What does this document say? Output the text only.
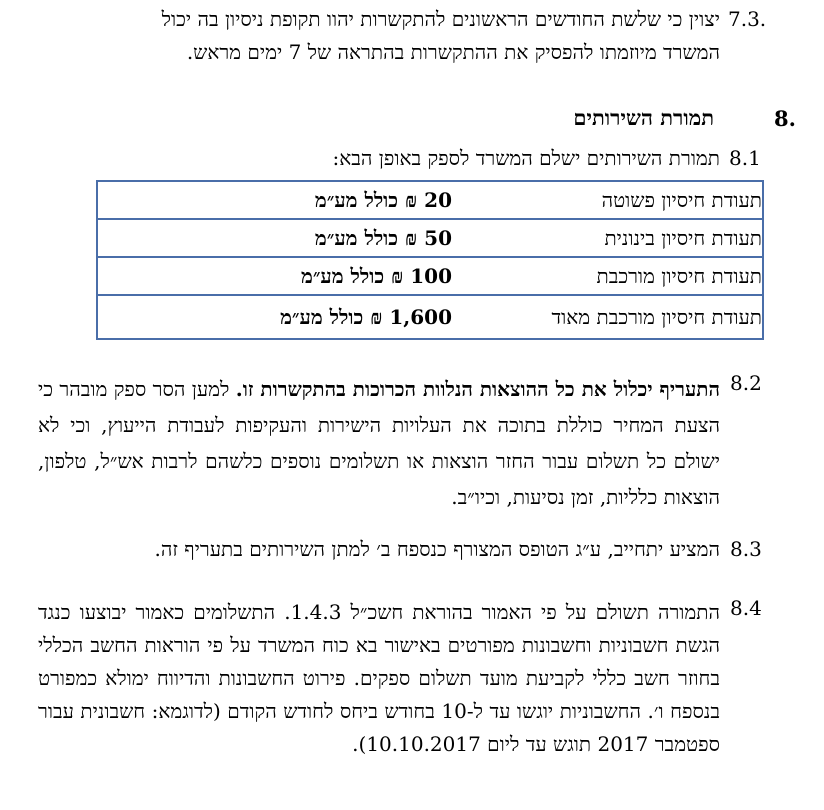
7.3.
יצוין כי שלשת החודשים הראשונים להתקשרות יהוו תקופת ניסיון בה יכול
המשרד מיוזמתו להפסיק את ההתקשרות בהתראה של 7 ימים מראש.
8.
תמורת השירותים
8.1
תמורת השירותים ישלם המשרד לספק באופן הבא:
תעודת חיסיון פשוטה	20 ₪ כולל מע״מ
תעודת חיסיון בינונית	50 ₪ כולל מע״מ
תעודת חיסיון מורכבת	100 ₪ כולל מע״מ
תעודת חיסיון מורכבת מאוד	1,600 ₪ כולל מע״מ
8.2

התעריף יכלול את כל ההוצאות הנלוות הכרוכות בהתקשרות זו. למען הסר ספק מובהר כי הצעת המחיר כוללת בתוכה את העלויות הישירות והעקיפות לעבודת הייעוץ, וכי לא ישולם כל תשלום עבור החזר הוצאות או תשלומים נוספים כלשהם לרבות אש״ל, טלפון, הוצאות כלליות, זמן נסיעות, וכיו״ב.

8.3
המציע יתחייב, ע״ג הטופס המצורף כנספח ב׳ למתן השירותים בתעריף זה.
8.4

התמורה תשולם על פי האמור בהוראת חשכ״ל 1.4.3. התשלומים כאמור יבוצעו כנגד הגשת חשבוניות וחשבונות מפורטים באישור בא כוח המשרד על פי הוראות החשב הכללי בחוזר חשב כללי לקביעת מועד תשלום ספקים. פירוט החשבונות והדיווח ימולא כמפורט בנספח ו׳. החשבוניות יוגשו עד ל-10 בחודש ביחס לחודש הקודם (לדוגמא: חשבונית עבור ספטמבר 2017 תוגש עד ליום 10.10.2017).
